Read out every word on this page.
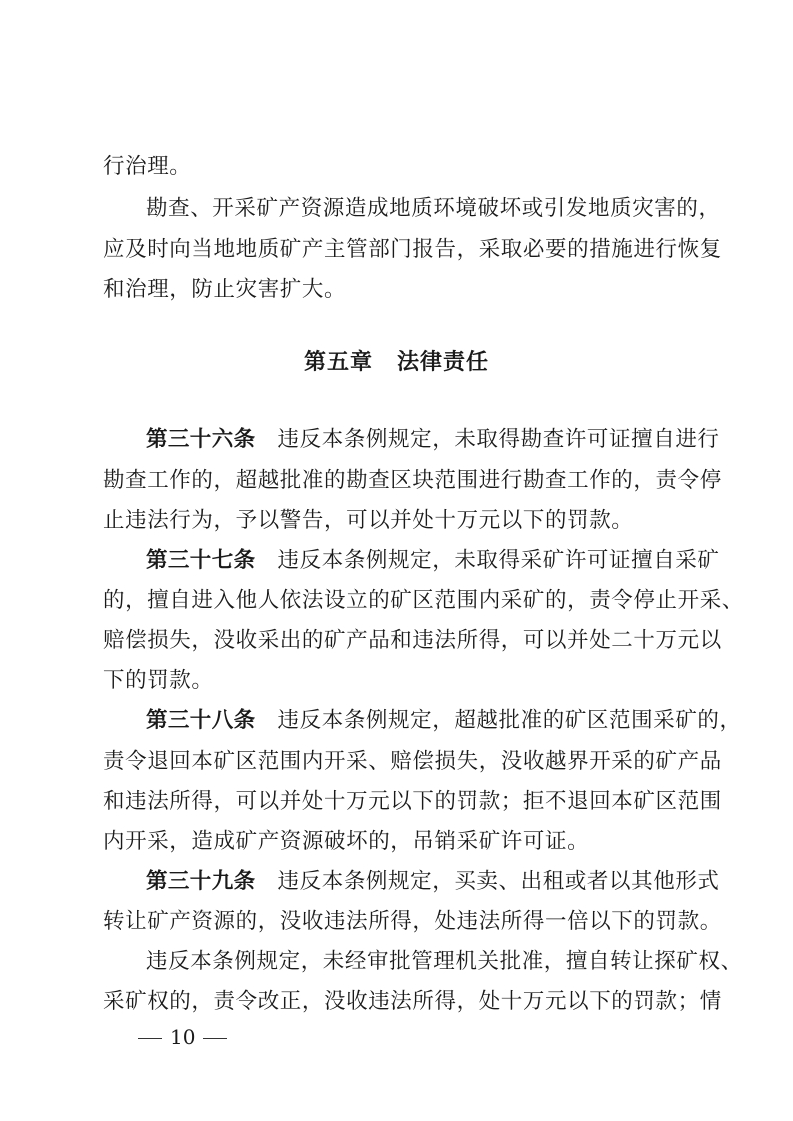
行治理。
勘查、开采矿产资源造成地质环境破坏或引发地质灾害的，
应及时向当地地质矿产主管部门报告，采取必要的措施进行恢复
和治理，防止灾害扩大。
第五章 法律责任
第三十六条 违反本条例规定，未取得勘查许可证擅自进行
勘查工作的，超越批准的勘查区块范围进行勘查工作的，责令停
止违法行为，予以警告，可以并处十万元以下的罚款。
第三十七条 违反本条例规定，未取得采矿许可证擅自采矿
的，擅自进入他人依法设立的矿区范围内采矿的，责令停止开采、
赔偿损失，没收采出的矿产品和违法所得，可以并处二十万元以
下的罚款。
第三十八条 违反本条例规定，超越批准的矿区范围采矿的，
责令退回本矿区范围内开采、赔偿损失，没收越界开采的矿产品
和违法所得，可以并处十万元以下的罚款；拒不退回本矿区范围
内开采，造成矿产资源破坏的，吊销采矿许可证。
第三十九条 违反本条例规定，买卖、出租或者以其他形式
转让矿产资源的，没收违法所得，处违法所得一倍以下的罚款。
违反本条例规定，未经审批管理机关批准，擅自转让探矿权、
采矿权的，责令改正，没收违法所得，处十万元以下的罚款；情
10
